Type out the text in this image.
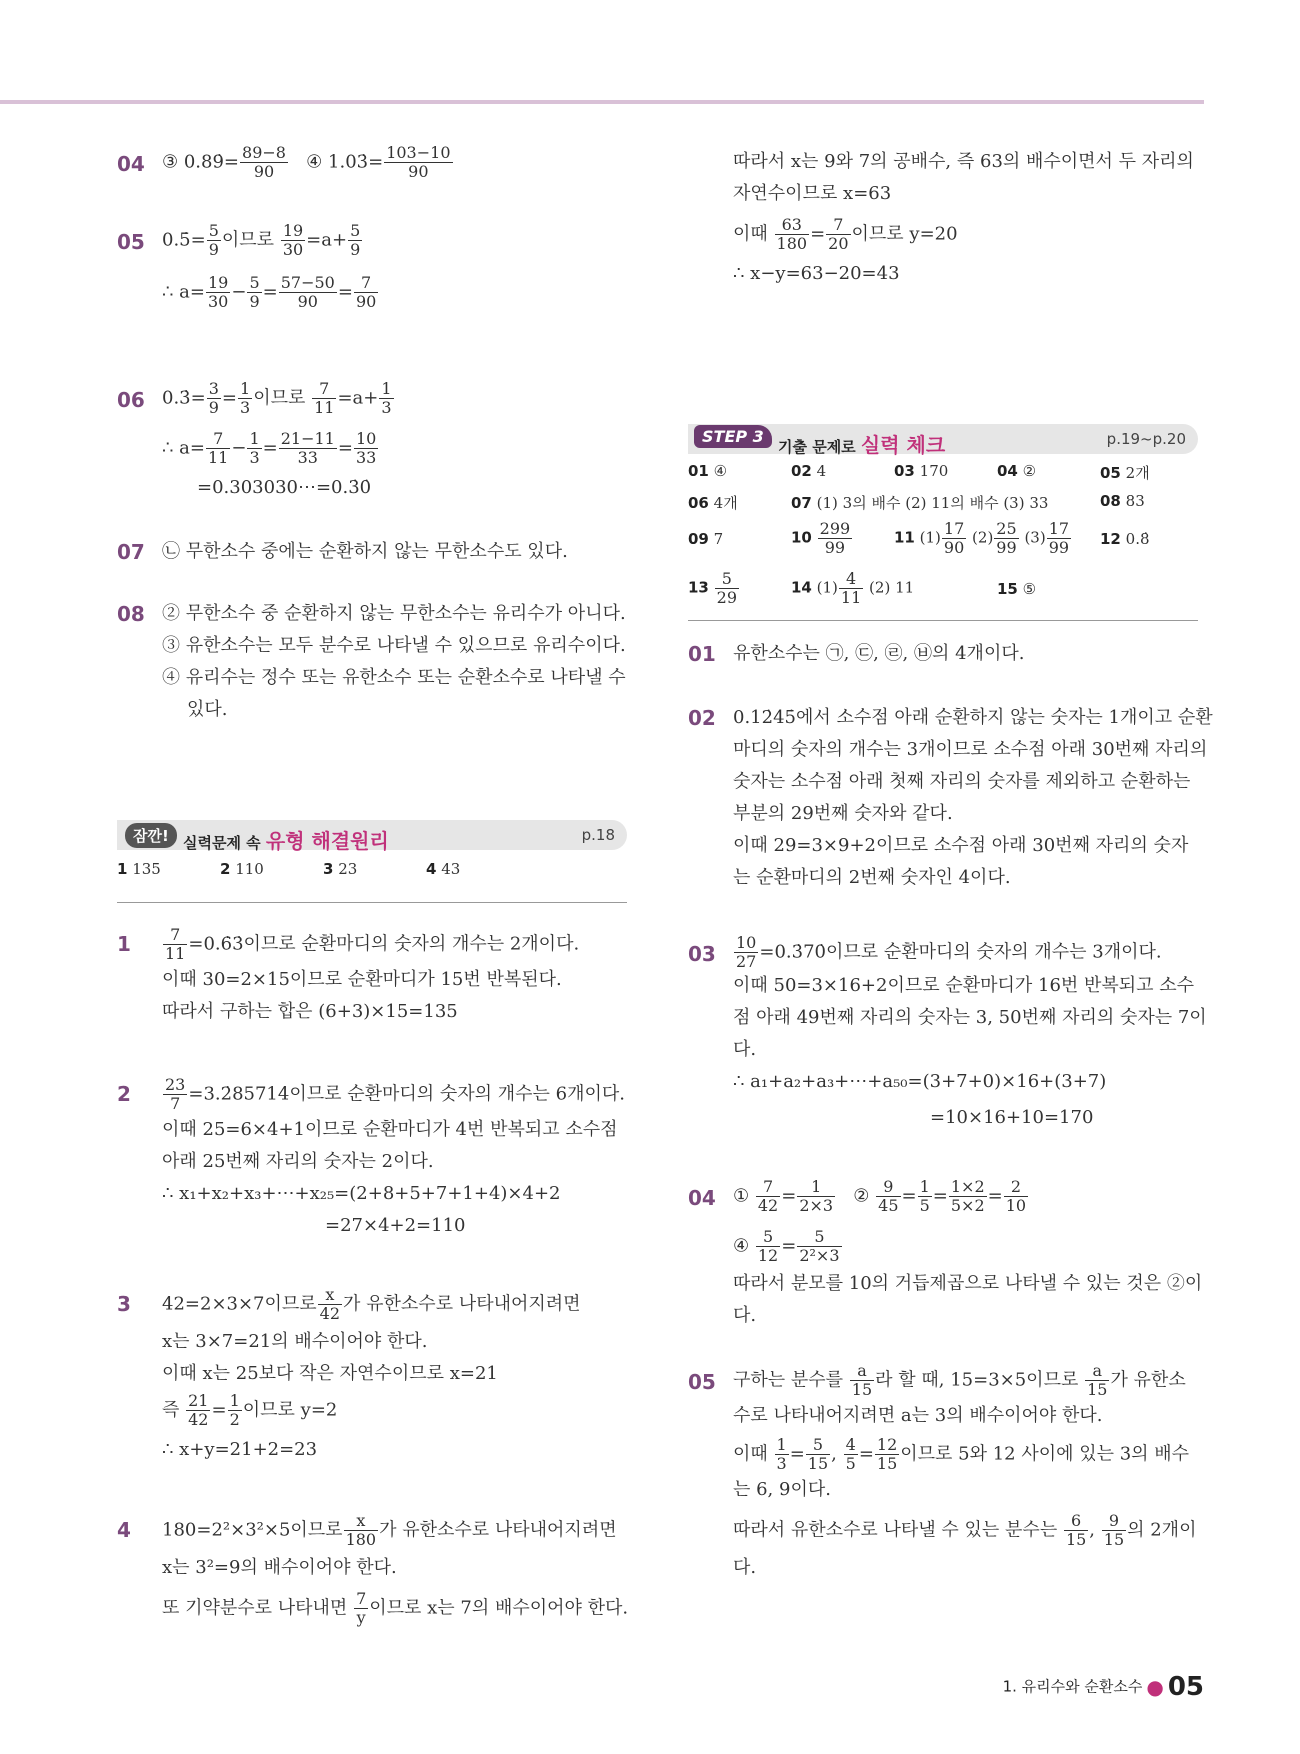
04 ③ 0.89̇= $\frac{89-8}{90}$ ④ 1.03̇= $\frac{103-10}{90}$
05 0.5̇= $\frac{5}{9}$ 이므로 $\frac{19}{30} =a+ \frac{5}{9}$
∴ $a= \frac{19}{30} - \frac{5}{9} = \frac{57-50}{90} = \frac{7}{90}$
06 0.3̇= $\frac{3}{9} = \frac{1}{3}$ 이므로 $\frac{7}{11} =a+ \frac{1}{3}$
∴ $a= \frac{7}{11} - \frac{1}{3} = \frac{21-11}{33} = \frac{10}{33}$
=0.303030⋯=0.3̇0̇
07 ㉡ 무한소수 중에는 순환하지 않는 무한소수도 있다.
08 ② 무한소수 중 순환하지 않는 무한소수는 유리수가 아니다.
③ 유한소수는 모두 분수로 나타낼 수 있으므로 유리수이다.
④ 유리수는 정수 또는 유한소수 또는 순환소수로 나타낼 수
있다.
잠깐! 실력문제 속 유형 해결원리	p.18
1 135	2 110	3 23	4 43
$1 \frac{7}{11}$ =0.6̇3̇이므로 순환마디의 숫자의 개수는 2개이다.
이때 30=2×15이므로 순환마디가 15번 반복된다.
따라서 구하는 합은 (6+3)×15=135
$2 \frac{23}{7}$ =3.2̇85714̇이므로 순환마디의 숫자의 개수는 6개이다.
이때 25=6×4+1이므로 순환마디가 4번 반복되고 소수점
아래 25번째 자리의 숫자는 2이다.
∴ x₁+x₂+x₃+⋯+x₂₅=(2+8+5+7+1+4)×4+2
=27×4+2=110
3 42=2×3×7이므로 $\frac{x}{42}$ 가 유한소수로 나타내어지려면
x는 3×7=21의 배수이어야 한다.
이때 x는 25보다 작은 자연수이므로 x=21
즉 $\frac{21}{42} = \frac{1}{2}$ 이므로 y=2
∴ x+y=21+2=23
4 180=2²×3²×5이므로 $\frac{x}{180}$ 가 유한소수로 나타내어지려면
x는 3²=9의 배수이어야 한다.
또 기약분수로 나타내면 $\frac{7}{y}$ 이므로 x는 7의 배수이어야 한다.
따라서 x는 9와 7의 공배수, 즉 63의 배수이면서 두 자리의
자연수이므로 x=63
이때 $\frac{63}{180} = \frac{7}{20}$ 이므로 y=20
∴ x−y=63−20=43
STEP 3
기출 문제로 실력 체크	p.19~p.20
01 ④	02 4	03 170	04 ②	05 2개
06 4개	07 (1) 3의 배수 (2) 11의 배수 (3) 33	08 83
09 7	$10 \frac{299}{99}$	11 $(1) \frac{17}{90} (2) \frac{25}{99} (3) \frac{17}{99} 12$ 0.8̇
$13 \frac{5}{29}$	14 $(1) \frac{4}{11} (2)$ 11	15 ⑤
01 유한소수는 ㉠, ㉢, ㉣, ㉥의 4개이다.
02 0.12̇45̇에서 소수점 아래 순환하지 않는 숫자는 1개이고 순환
마디의 숫자의 개수는 3개이므로 소수점 아래 30번째 자리의
숫자는 소수점 아래 첫째 자리의 숫자를 제외하고 순환하는
부분의 29번째 숫자와 같다.
이때 29=3×9+2이므로 소수점 아래 30번째 자리의 숫자
는 순환마디의 2번째 숫자인 4이다.
$03 \frac{10}{27}$ =0.3̇70̇이므로 순환마디의 숫자의 개수는 3개이다.
이때 50=3×16+2이므로 순환마디가 16번 반복되고 소수
점 아래 49번째 자리의 숫자는 3, 50번째 자리의 숫자는 7이
다.
∴ a₁+a₂+a₃+⋯+a₅₀=(3+7+0)×16+(3+7)
=10×16+10=170
04 ① $\frac{7}{42} = \frac{1}{2\times 3}$ ② $\frac{9}{45} = \frac{1}{5} = \frac{1\times 2}{5\times 2} = \frac{2}{10}$
④ $\frac{5}{12} = \frac{5}{\text{2²×3}}$
따라서 분모를 10의 거듭제곱으로 나타낼 수 있는 것은 ②이
다.
05 구하는 분수를 $\frac{a}{15}$ 라 할 때, 15=3×5이므로 $\frac{a}{15}$ 가 유한소
수로 나타내어지려면 a는 3의 배수이어야 한다.
이때 $\frac{1}{3} = \frac{5}{15}$ , $\frac{4}{5} = \frac{12}{15}$ 이므로 5와 12 사이에 있는 3의 배수
는 6, 9이다.
따라서 유한소수로 나타낼 수 있는 분수는 $\frac{6}{15}$ , $\frac{9}{15}$ 의 2개이
다.
1. 유리수와 순환소수 ● 05
